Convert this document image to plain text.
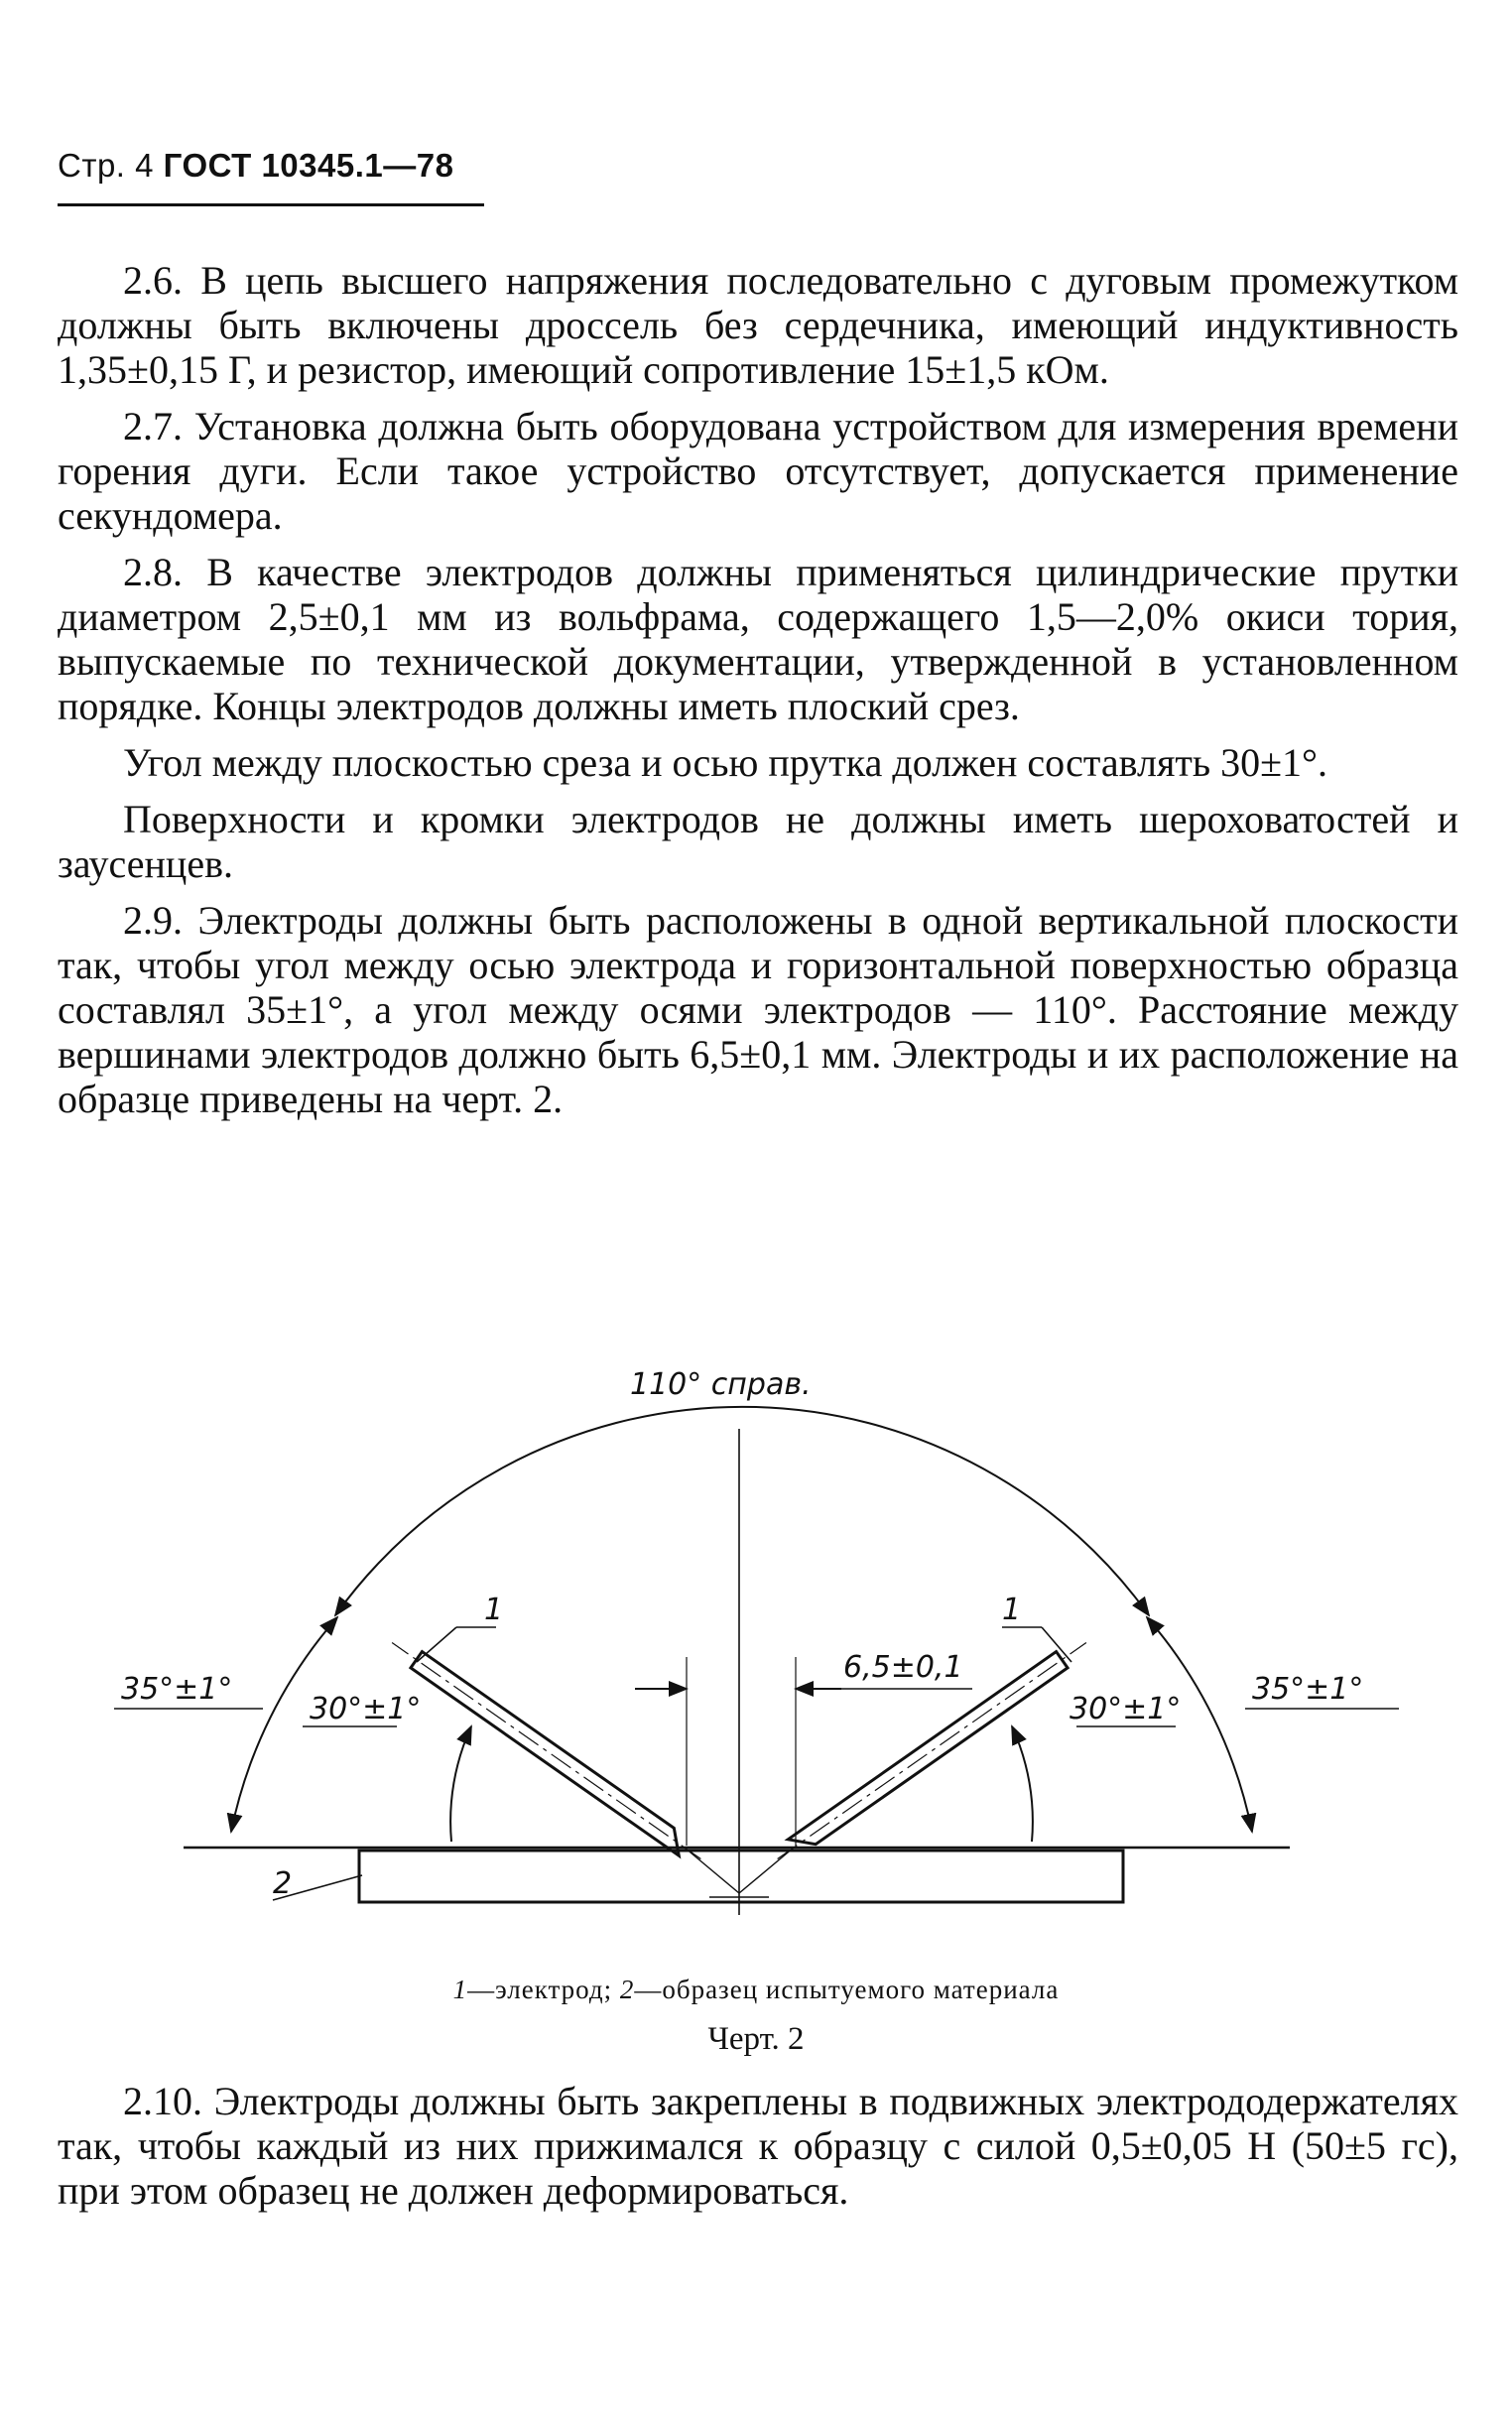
Стр. 4 ГОСТ 10345.1—78

2.6. В цепь высшего напряжения последовательно с дуговым промежутком должны быть включены дроссель без сердечника, имеющий индуктивность 1,35±0,15 Г, и резистор, имеющий сопротивление 15±1,5 кОм.

2.7. Установка должна быть оборудована устройством для измерения времени горения дуги. Если такое устройство отсутствует, допускается применение секундомера.

2.8. В качестве электродов должны применяться цилиндрические прутки диаметром 2,5±0,1 мм из вольфрама, содержащего 1,5—2,0% окиси тория, выпускаемые по технической документации, утвержденной в установленном порядке. Концы электродов должны иметь плоский срез.

Угол между плоскостью среза и осью прутка должен составлять 30±1°.

Поверхности и кромки электродов не должны иметь шероховатостей и заусенцев.

2.9. Электроды должны быть расположены в одной вертикальной плоскости так, чтобы угол между осью электрода и горизонтальной поверхностью образца составлял 35±1°, а угол между осями электродов — 110°. Расстояние между вершинами электродов должно быть 6,5±0,1 мм. Электроды и их расположение на образце приведены на черт. 2.

110° справ.
35°±1°	35°±1°
30°±1°	30°±1°
6,5±0,1
1	1
2
1—электрод; 2—образец испытуемого материала
Черт. 2

2.10. Электроды должны быть закреплены в подвижных электрододержателях так, чтобы каждый из них прижимался к образцу с силой 0,5±0,05 Н (50±5 гс), при этом образец не должен деформироваться.
